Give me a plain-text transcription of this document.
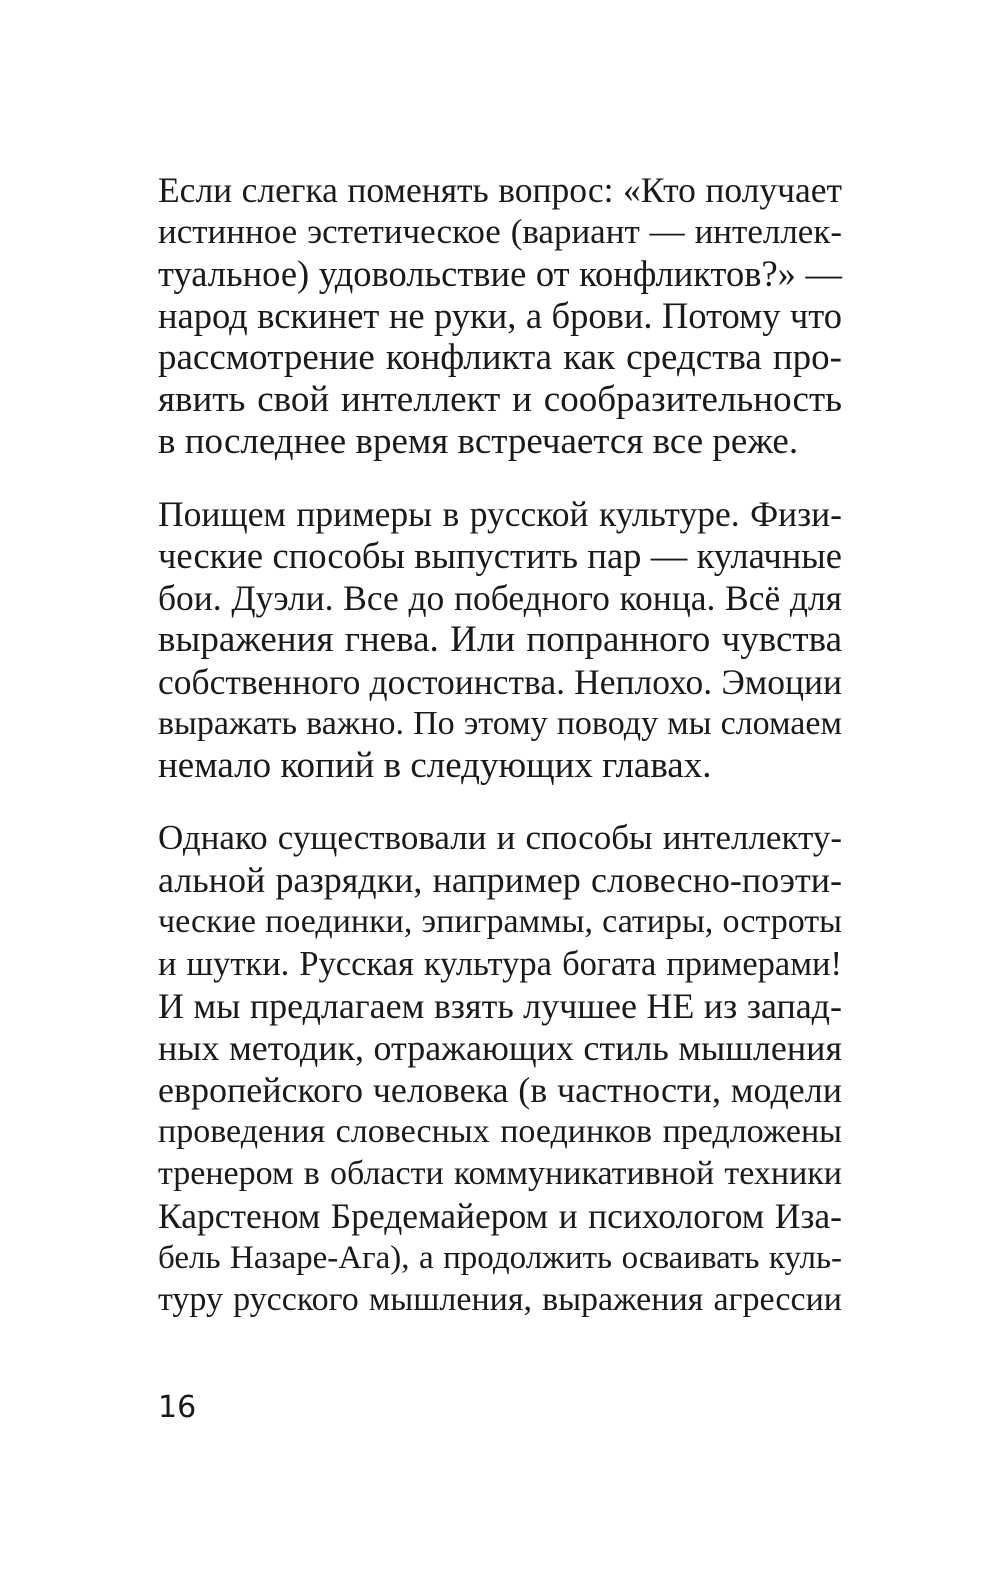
Если слегка поменять вопрос: «Кто получает
истинное эстетическое (вариант — интеллек-
туальное) удовольствие от конфликтов?» —
народ вскинет не руки, а брови. Потому что
рассмотрение конфликта как средства про-
явить свой интеллект и сообразительность
в последнее время встречается все реже.
Поищем примеры в русской культуре. Физи-
ческие способы выпустить пар — кулачные
бои. Дуэли. Все до победного конца. Всё для
выражения гнева. Или попранного чувства
собственного достоинства. Неплохо. Эмоции
выражать важно. По этому поводу мы сломаем
немало копий в следующих главах.
Однако существовали и способы интеллекту-
альной разрядки, например словесно-поэти-
ческие поединки, эпиграммы, сатиры, остроты
и шутки. Русская культура богата примерами!
И мы предлагаем взять лучшее НЕ из запад-
ных методик, отражающих стиль мышления
европейского человека (в частности, модели
проведения словесных поединков предложены
тренером в области коммуникативной техники
Карстеном Бредемайером и психологом Иза-
бель Назаре-Ага), а продолжить осваивать куль-
туру русского мышления, выражения агрессии
16
